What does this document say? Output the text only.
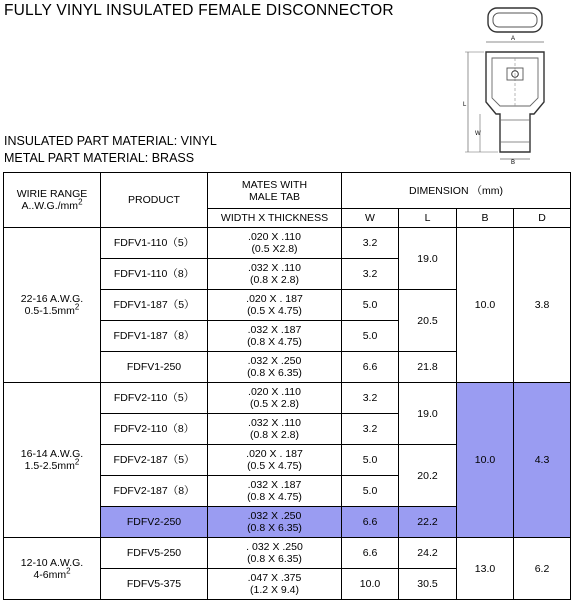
FULLY VINYL INSULATED FEMALE DISCONNECTOR
A
L
W
B
INSULATED PART MATERIAL: VINYL
METAL PART MATERIAL: BRASS
WIRIE RANGE
$A..W.G./mm^2$	PRODUCT	MATES WITH
MALE TAB	DIMENSION （mm)			
		WIDTH X THICKNESS	W	L	B	D

22-16 A.W.G.
$0.5-1.5mm^2$	FDFV1-110（5）	.020 X .110
(0.5 X2.8)	3.2	19.0	10.0	3.8
	FDFV1-110（8）	.032 X .110
(0.8 X 2.8)	3.2			
	FDFV1-187（5）	.020 X . 187
(0.5 X 4.75)	5.0	20.5		
	FDFV1-187（8）	.032 X .187
(0.8 X 4.75)	5.0			
	FDFV1-250	.032 X .250
(0.8 X 6.35)	6.6	21.8		

16-14 A.W.G.
$1.5-2.5mm^2$	FDFV2-110（5）	.020 X .110
(0.5 X 2.8)	3.2	19.0	10.0	4.3
	FDFV2-110（8）	.032 X .110
(0.8 X 2.8)	3.2			
	FDFV2-187（5）	.020 X . 187
(0.5 X 4.75)	5.0	20.2		
	FDFV2-187（8）	.032 X .187
(0.8 X 4.75)	5.0			
	FDFV2-250	.032 X .250
(0.8 X 6.35)	6.6	22.2		

12-10 A.W.G.
$4-6mm^2$	FDFV5-250	. 032 X .250
(0.8 X 6.35)	6.6	24.2	13.0	6.2
	FDFV5-375	.047 X .375
(1.2 X 9.4)	10.0	30.5		
